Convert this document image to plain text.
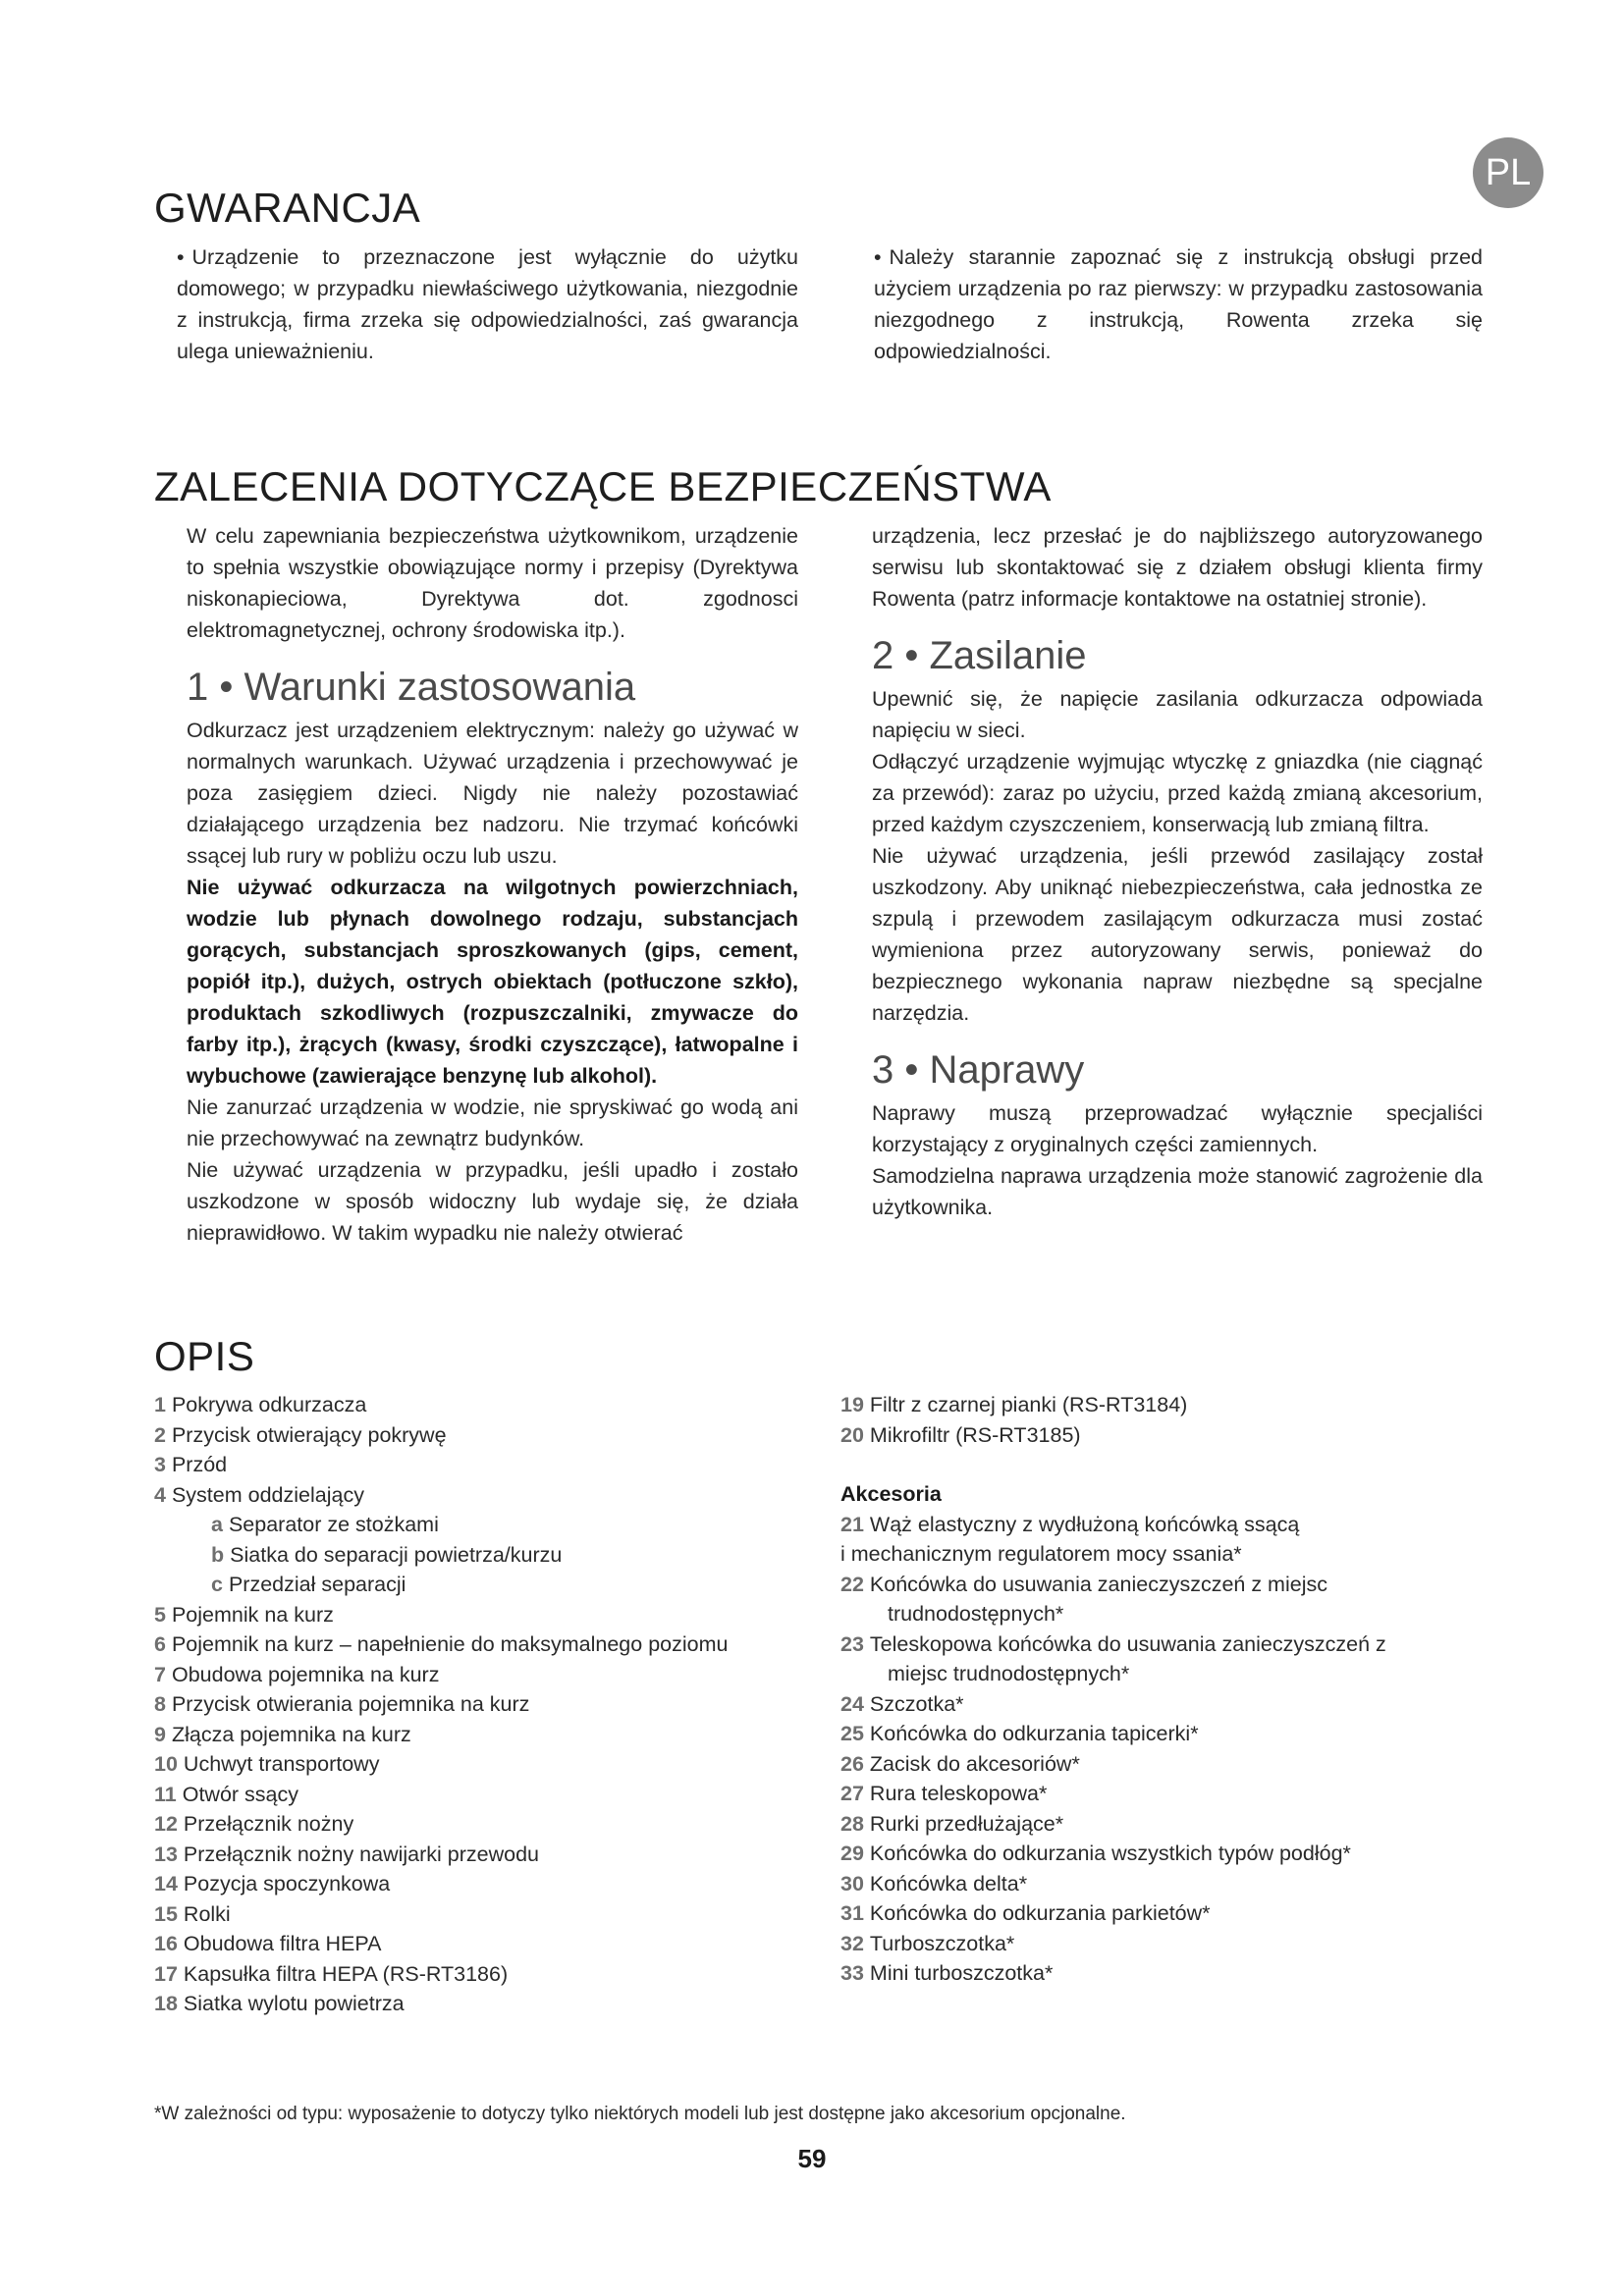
PL
GWARANCJA

• Urządzenie to przeznaczone jest wyłącznie do użytku domowego; w przypadku niewłaściwego użytkowania, niezgodnie z instrukcją, firma zrzeka się odpowiedzialności, zaś gwarancja ulega unieważnieniu.

• Należy starannie zapoznać się z instrukcją obsługi przed użyciem urządzenia po raz pierwszy: w przypadku zastosowania niezgodnego z instrukcją, Rowenta zrzeka się odpowiedzialności.

ZALECENIA DOTYCZĄCE BEZPIECZEŃSTWA

W celu zapewniania bezpieczeństwa użytkownikom, urządzenie to spełnia wszystkie obowiązujące normy i przepisy (Dyrektywa niskonapieciowa, Dyrektywa dot. zgodnosci elektromagnetycznej, ochrony środowiska itp.).

1 • Warunki zastosowania

Odkurzacz jest urządzeniem elektrycznym: należy go używać w normalnych warunkach. Używać urządzenia i przechowywać je poza zasięgiem dzieci. Nigdy nie należy pozostawiać działającego urządzenia bez nadzoru. Nie trzymać końcówki ssącej lub rury w pobliżu oczu lub uszu.

Nie używać odkurzacza na wilgotnych powierzchniach, wodzie lub płynach dowolnego rodzaju, substancjach gorących, substancjach sproszkowanych (gips, cement, popiół itp.), dużych, ostrych obiektach (potłuczone szkło), produktach szkodliwych (rozpuszczalniki, zmywacze do farby itp.), żrących (kwasy, środki czyszczące), łatwopalne i wybuchowe (zawierające benzynę lub alkohol).

Nie zanurzać urządzenia w wodzie, nie spryskiwać go wodą ani nie przechowywać na zewnątrz budynków.

Nie używać urządzenia w przypadku, jeśli upadło i zostało uszkodzone w sposób widoczny lub wydaje się, że działa nieprawidłowo. W takim wypadku nie należy otwierać

urządzenia, lecz przesłać je do najbliższego autoryzowanego serwisu lub skontaktować się z działem obsługi klienta firmy Rowenta (patrz informacje kontaktowe na ostatniej stronie).

2 • Zasilanie

Upewnić się, że napięcie zasilania odkurzacza odpowiada napięciu w sieci.

Odłączyć urządzenie wyjmując wtyczkę z gniazdka (nie ciągnąć za przewód): zaraz po użyciu, przed każdą zmianą akcesorium, przed każdym czyszczeniem, konserwacją lub zmianą filtra.

Nie używać urządzenia, jeśli przewód zasilający został uszkodzony. Aby uniknąć niebezpieczeństwa, cała jednostka ze szpulą i przewodem zasilającym odkurzacza musi zostać wymieniona przez autoryzowany serwis, ponieważ do bezpiecznego wykonania napraw niezbędne są specjalne narzędzia.

3 • Naprawy

Naprawy muszą przeprowadzać wyłącznie specjaliści korzystający z oryginalnych części zamiennych.

Samodzielna naprawa urządzenia może stanowić zagrożenie dla użytkownika.

OPIS
1 Pokrywa odkurzacza
2 Przycisk otwierający pokrywę
3 Przód
4 System oddzielający
a Separator ze stożkami
b Siatka do separacji powietrza/kurzu
c Przedział separacji
5 Pojemnik na kurz
6 Pojemnik na kurz – napełnienie do maksymalnego poziomu
7 Obudowa pojemnika na kurz
8 Przycisk otwierania pojemnika na kurz
9 Złącza pojemnika na kurz
10 Uchwyt transportowy
11 Otwór ssący
12 Przełącznik nożny
13 Przełącznik nożny nawijarki przewodu
14 Pozycja spoczynkowa
15 Rolki
16 Obudowa filtra HEPA
17 Kapsułka filtra HEPA (RS-RT3186)
18 Siatka wylotu powietrza
19 Filtr z czarnej pianki (RS-RT3184)
20 Mikrofiltr (RS-RT3185)
Akcesoria
21 Wąż elastyczny z wydłużoną końcówką ssącą
i mechanicznym regulatorem mocy ssania*
22 Końcówka do usuwania zanieczyszczeń z miejsc
trudnodostępnych*
23 Teleskopowa końcówka do usuwania zanieczyszczeń z
miejsc trudnodostępnych*
24 Szczotka*
25 Końcówka do odkurzania tapicerki*
26 Zacisk do akcesoriów*
27 Rura teleskopowa*
28 Rurki przedłużające*
29 Końcówka do odkurzania wszystkich typów podłóg*
30 Końcówka delta*
31 Końcówka do odkurzania parkietów*
32 Turboszczotka*
33 Mini turboszczotka*
*W zależności od typu: wyposażenie to dotyczy tylko niektórych modeli lub jest dostępne jako akcesorium opcjonalne.
59
